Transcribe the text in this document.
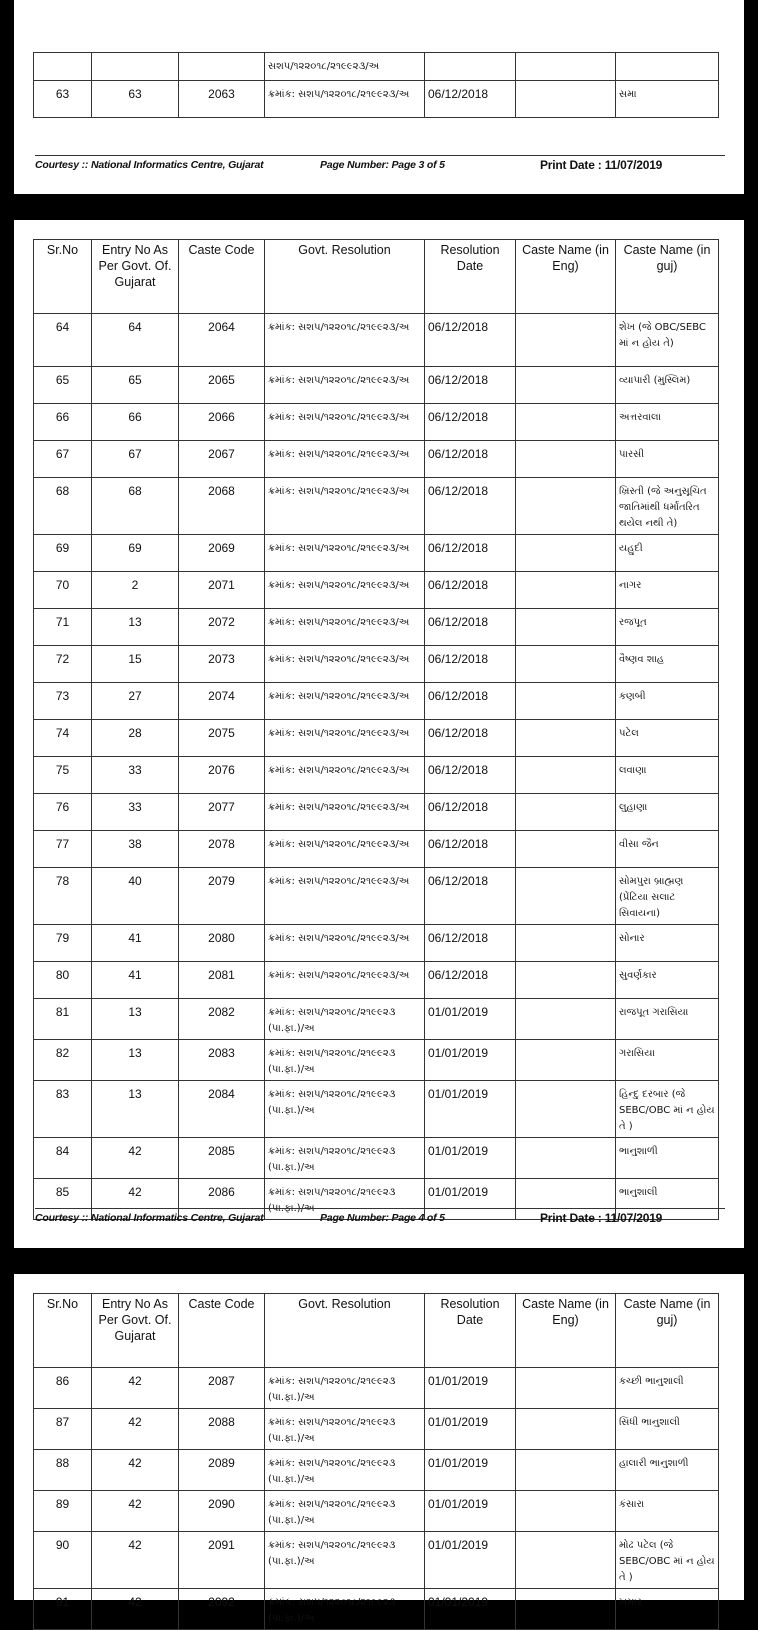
			સશપ/૧૨૨૦૧૮/૨૧૯૯૨૩/અ			
63	63	2063	ક્રમાંક: સશપ/૧૨૨૦૧૮/૨૧૯૯૨૩/અ	06/12/2018		સમા
Courtesy :: National Informatics Centre, Gujarat	Page Number: Page 3 of 5	Print Date : 11/07/2019
Sr.No	Entry No As Per Govt. Of. Gujarat	Caste Code	Govt. Resolution	Resolution Date	Caste Name (in Eng)	Caste Name (in guj)
64	64	2064	ક્રમાંક: સશપ/૧૨૨૦૧૮/૨૧૯૯૨૩/અ	06/12/2018		શેખ (જે OBC/SEBC માં ન હોય તે)
65	65	2065	ક્રમાંક: સશપ/૧૨૨૦૧૮/૨૧૯૯૨૩/અ	06/12/2018		વ્યાપારી (મુસ્લિમ)
66	66	2066	ક્રમાંક: સશપ/૧૨૨૦૧૮/૨૧૯૯૨૩/અ	06/12/2018		અત્તરવાલા
67	67	2067	ક્રમાંક: સશપ/૧૨૨૦૧૮/૨૧૯૯૨૩/અ	06/12/2018		પારસી
68	68	2068	ક્રમાંક: સશપ/૧૨૨૦૧૮/૨૧૯૯૨૩/અ	06/12/2018		ખ્રિસ્તી (જે અનુસૂચિત જાતિમાંથી ધર્માંતરિત થયેલ નથી તે)
69	69	2069	ક્રમાંક: સશપ/૧૨૨૦૧૮/૨૧૯૯૨૩/અ	06/12/2018		યહુદી
70	2	2071	ક્રમાંક: સશપ/૧૨૨૦૧૮/૨૧૯૯૨૩/અ	06/12/2018		નાગર
71	13	2072	ક્રમાંક: સશપ/૧૨૨૦૧૮/૨૧૯૯૨૩/અ	06/12/2018		રજપૂત
72	15	2073	ક્રમાંક: સશપ/૧૨૨૦૧૮/૨૧૯૯૨૩/અ	06/12/2018		વૈષ્ણવ શાહ
73	27	2074	ક્રમાંક: સશપ/૧૨૨૦૧૮/૨૧૯૯૨૩/અ	06/12/2018		કણબી
74	28	2075	ક્રમાંક: સશપ/૧૨૨૦૧૮/૨૧૯૯૨૩/અ	06/12/2018		પટેલ
75	33	2076	ક્રમાંક: સશપ/૧૨૨૦૧૮/૨૧૯૯૨૩/અ	06/12/2018		લવાણા
76	33	2077	ક્રમાંક: સશપ/૧૨૨૦૧૮/૨૧૯૯૨૩/અ	06/12/2018		લુહાણા
77	38	2078	ક્રમાંક: સશપ/૧૨૨૦૧૮/૨૧૯૯૨૩/અ	06/12/2018		વીસા જૈન
78	40	2079	ક્રમાંક: સશપ/૧૨૨૦૧૮/૨૧૯૯૨૩/અ	06/12/2018		સોમપુરા બ્રાહ્મણ (પ્રેંટિયા સલાટ સિવાયના)
79	41	2080	ક્રમાંક: સશપ/૧૨૨૦૧૮/૨૧૯૯૨૩/અ	06/12/2018		સોનાર
80	41	2081	ક્રમાંક: સશપ/૧૨૨૦૧૮/૨૧૯૯૨૩/અ	06/12/2018		સુવર્ણકાર
81	13	2082	ક્રમાંક: સશપ/૧૨૨૦૧૮/૨૧૯૯૨૩ (પા.ફા.)/અ	01/01/2019		રાજપૂત ગરાસિયા
82	13	2083	ક્રમાંક: સશપ/૧૨૨૦૧૮/૨૧૯૯૨૩ (પા.ફા.)/અ	01/01/2019		ગરાસિયા
83	13	2084	ક્રમાંક: સશપ/૧૨૨૦૧૮/૨૧૯૯૨૩ (પા.ફા.)/અ	01/01/2019		હિન્દુ દરબાર (જે SEBC/OBC માં ન હોય તે )
84	42	2085	ક્રમાંક: સશપ/૧૨૨૦૧૮/૨૧૯૯૨૩ (પા.ફા.)/અ	01/01/2019		ભાનુશાળી
85	42	2086	ક્રમાંક: સશપ/૧૨૨૦૧૮/૨૧૯૯૨૩ (પા.ફા.)/અ	01/01/2019		ભાનુશાલી
Courtesy :: National Informatics Centre, Gujarat	Page Number: Page 4 of 5	Print Date : 11/07/2019
Sr.No	Entry No As Per Govt. Of. Gujarat	Caste Code	Govt. Resolution	Resolution Date	Caste Name (in Eng)	Caste Name (in guj)
86	42	2087	ક્રમાંક: સશપ/૧૨૨૦૧૮/૨૧૯૯૨૩ (પા.ફા.)/અ	01/01/2019		કચ્છી ભાનુશાલી
87	42	2088	ક્રમાંક: સશપ/૧૨૨૦૧૮/૨૧૯૯૨૩ (પા.ફા.)/અ	01/01/2019		સિંધી ભાનુશાલી
88	42	2089	ક્રમાંક: સશપ/૧૨૨૦૧૮/૨૧૯૯૨૩ (પા.ફા.)/અ	01/01/2019		હાલારી ભાનુશાળી
89	42	2090	ક્રમાંક: સશપ/૧૨૨૦૧૮/૨૧૯૯૨૩ (પા.ફા.)/અ	01/01/2019		કંસારા
90	42	2091	ક્રમાંક: સશપ/૧૨૨૦૧૮/૨૧૯૯૨૩ (પા.ફા.)/અ	01/01/2019		મોઢ પટેલ (જે SEBC/OBC માં ન હોય તે )
91	42	2092	ક્રમાંક: સશપ/૧૨૨૦૧૮/૨૧૯૯૨૩ (પા.ફા.)/અ	01/01/2019		ખમાર
